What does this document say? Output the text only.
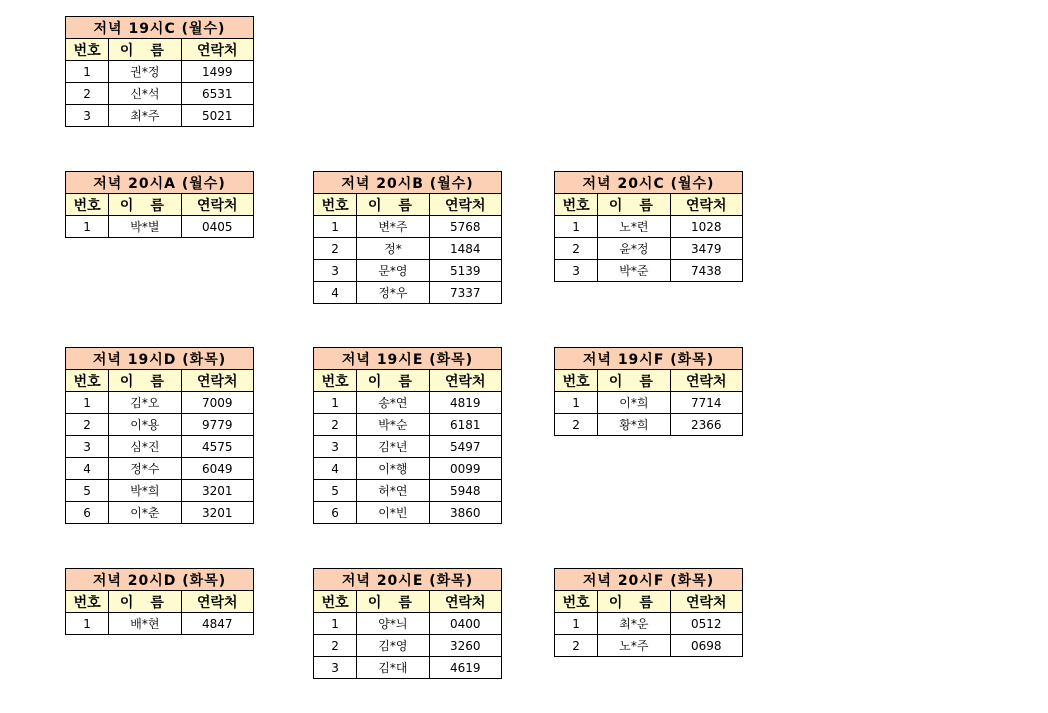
저녁 19시C (월수)		
번호	이 름	연락처
1	권*정	1499
2	신*석	6531
3	최*주	5021
저녁 20시A (월수)		
번호	이 름	연락처
1	박*별	0405
저녁 20시B (월수)		
번호	이 름	연락처
1	변*주	5768
2	정*	1484
3	문*영	5139
4	정*우	7337
저녁 20시C (월수)		
번호	이 름	연락처
1	노*련	1028
2	윤*정	3479
3	박*준	7438
저녁 19시D (화목)		
번호	이 름	연락처
1	김*오	7009
2	이*용	9779
3	심*진	4575
4	정*수	6049
5	박*희	3201
6	이*춘	3201
저녁 19시E (화목)		
번호	이 름	연락처
1	송*연	4819
2	박*순	6181
3	김*년	5497
4	이*행	0099
5	허*연	5948
6	이*빈	3860
저녁 19시F (화목)		
번호	이 름	연락처
1	이*희	7714
2	황*희	2366
저녁 20시D (화목)		
번호	이 름	연락처
1	배*현	4847
저녁 20시E (화목)		
번호	이 름	연락처
1	양*늬	0400
2	김*영	3260
3	김*대	4619
저녁 20시F (화목)		
번호	이 름	연락처
1	최*운	0512
2	노*주	0698
